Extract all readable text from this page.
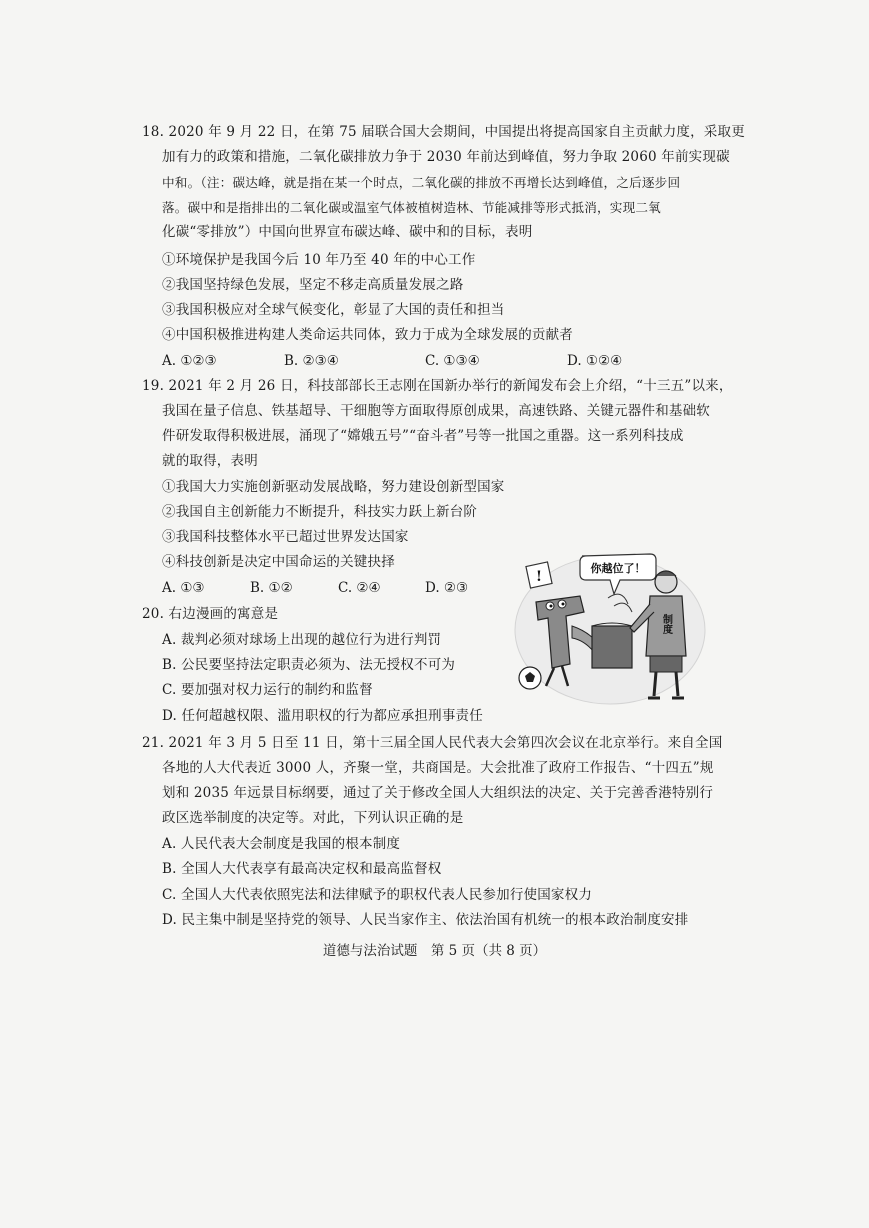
18. 2020 年 9 月 22 日，在第 75 届联合国大会期间，中国提出将提高国家自主贡献力度，采取更
加有力的政策和措施，二氧化碳排放力争于 2030 年前达到峰值，努力争取 2060 年前实现碳
中和。（注：碳达峰，就是指在某一个时点，二氧化碳的排放不再增长达到峰值，之后逐步回
落。碳中和是指排出的二氧化碳或温室气体被植树造林、节能减排等形式抵消，实现二氧
化碳“零排放”）中国向世界宣布碳达峰、碳中和的目标，表明
①环境保护是我国今后 10 年乃至 40 年的中心工作
②我国坚持绿色发展，坚定不移走高质量发展之路
③我国积极应对全球气候变化，彰显了大国的责任和担当
④中国积极推进构建人类命运共同体，致力于成为全球发展的贡献者
A. ①②③	B. ②③④	C. ①③④	D. ①②④
19. 2021 年 2 月 26 日，科技部部长王志刚在国新办举行的新闻发布会上介绍，“十三五”以来，
我国在量子信息、铁基超导、干细胞等方面取得原创成果，高速铁路、关键元器件和基础软
件研发取得积极进展，涌现了“嫦娥五号”“奋斗者”号等一批国之重器。这一系列科技成
就的取得，表明
①我国大力实施创新驱动发展战略，努力建设创新型国家
②我国自主创新能力不断提升，科技实力跃上新台阶
③我国科技整体水平已超过世界发达国家
④科技创新是决定中国命运的关键抉择
A. ①③	B. ①②	C. ②④	D. ②③
20. 右边漫画的寓意是
A. 裁判必须对球场上出现的越位行为进行判罚
B. 公民要坚持法定职责必须为、法无授权不可为
C. 要加强对权力运行的制约和监督
D. 任何超越权限、滥用职权的行为都应承担刑事责任
你越位了！
!
制度
21. 2021 年 3 月 5 日至 11 日，第十三届全国人民代表大会第四次会议在北京举行。来自全国
各地的人大代表近 3000 人，齐聚一堂，共商国是。大会批准了政府工作报告、“十四五”规
划和 2035 年远景目标纲要，通过了关于修改全国人大组织法的决定、关于完善香港特别行
政区选举制度的决定等。对此，下列认识正确的是
A. 人民代表大会制度是我国的根本制度
B. 全国人大代表享有最高决定权和最高监督权
C. 全国人大代表依照宪法和法律赋予的职权代表人民参加行使国家权力
D. 民主集中制是坚持党的领导、人民当家作主、依法治国有机统一的根本政治制度安排
道德与法治试题　第 5 页（共 8 页）
